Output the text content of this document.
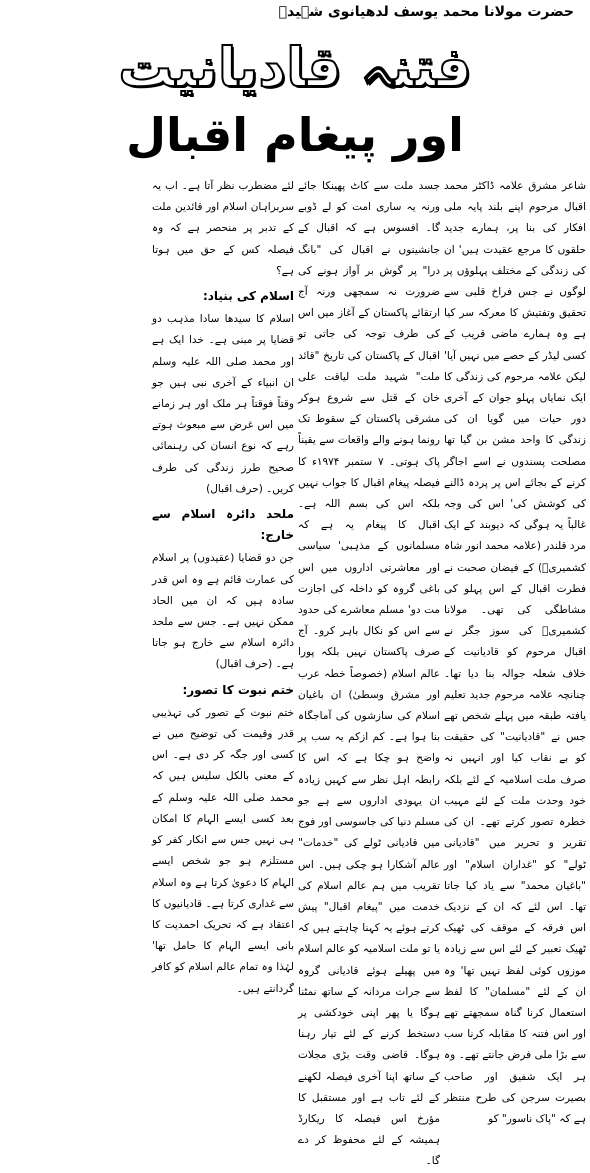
حضرت مولانا محمد یوسف لدھیانوی شہیدؒ
فتنہ قادیانیت
اور پیغام اقبال

شاعر مشرق علامہ ڈاکٹر محمد اقبال مرحوم اپنے بلند پایہ ملی افکار کی بنا پر، ہمارے جدید حلقوں کا مرجع عقیدت ہیں' ان کی زندگی کے مختلف پہلوؤں پر لوگوں نے جس فراخ قلبی سے تحقیق وتفتیش کا معرکہ سر کیا ہے وہ ہمارے ماضی قریب کے کسی لیڈر کے حصے میں نہیں آیا' لیکن علامہ مرحوم کی زندگی کا ایک نمایاں پہلو جوان کے آخری دور حیات میں گویا ان کی زندگی کا واحد مشن بن گیا تھا مصلحت پسندوں نے اسے اجاگر کرنے کے بجائے اس پر پردہ ڈالنے کی کوشش کی' اس کی وجہ غالباً یہ ہوگی کہ دیوبند کے ایک مرد قلندر (علامہ محمد انور شاہ کشمیریؒ) کے فیضان صحبت نے فطرت اقبال کے اس پہلو کی مشاطگی کی تھی۔ مولانا کشمیریؒ کی سوز جگر نے اقبال مرحوم کو قادیانیت کے خلاف شعلہ جوالہ بنا دیا تھا۔ چنانچہ علامہ مرحوم جدید تعلیم یافتہ طبقہ میں پہلے شخص تھے جس نے "قادیانیت" کی حقیقت کو بے نقاب کیا اور انہیں نہ صرف ملت اسلامیہ کے لئے بلکہ خود وحدت ملت کے لئے مہیب خطرہ تصور کرتے تھے۔ ان کی تقریر و تحریر میں "قادیانی ٹولے" کو "غداران اسلام" اور "باغیان محمد" سے یاد کیا جاتا تھا۔ اس لئے کہ ان کے نزدیک اس فرقہ کے موقف کی ٹھیک ٹھیک تعبیر کے لئے اس سے زیادہ موزوں کوئی لفظ نہیں تھا' وہ ان کے لئے "مسلمان" کا لفظ استعمال کرنا گناہ سمجھتے تھے اور اس فتنہ کا مقابلہ کرنا سب سے بڑا ملی فرض جانتے تھے۔ وہ ہر ایک شفیق اور صاحب بصیرت سرجن کی طرح منتظر ہے کہ "پاک ناسور" کو

جسد ملت سے کاٹ پھینکا جائے ورنہ یہ ساری امت کو لے ڈوبے گا۔ افسوس ہے کہ اقبال کے جانشینوں نے اقبال کی "بانگ درا" پر گوش بر آواز ہونے کی ضرورت نہ سمجھی ورنہ آج ارتقائے پاکستان کے آغاز میں اس کی طرف توجہ کی جاتی تو اقبال کے پاکستان کی تاریخ "قائد ملت" شہید ملت لیاقت علی خان کے قتل سے شروع ہوکر مشرقی پاکستان کے سقوط تک رونما ہونے والے واقعات سے یقیناً پاک ہوتی۔ ۷ ستمبر ۱۹۷۴ء کا فیصلہ پیغام اقبال کا جواب نہیں بلکہ اس کی بسم اللہ ہے۔ اقبال کا پیغام یہ ہے کہ مسلمانوں کے مذہبی' سیاسی اور معاشرتی اداروں میں اس باغی گروہ کو داخلہ کی اجازت مت دو' مسلم معاشرے کی حدود سے اس کو نکال باہر کرو۔ آج صرف پاکستان نہیں بلکہ پورا عالم اسلام (خصوصاً خطہ عرب اور مشرق وسطیٰ) ان باغیان اسلام کی سازشوں کی آماجگاہ بنا ہوا ہے۔ کم ازکم یہ سب پر واضح ہو چکا ہے کہ اس کا رابطہ اہل نظر سے کہیں زیادہ ان یہودی اداروں سے ہے جو مسلم دنیا کی جاسوسی اور فوج میں قادیانی ٹولے کی "خدمات" عالم آشکارا ہو چکی ہیں۔ اس تقریب میں ہم عالم اسلام کی خدمت میں "پیغام اقبال" پیش کرتے ہوئے یہ کہنا چاہتے ہیں کہ یا تو ملت اسلامیہ کو عالم اسلام میں پھیلے ہوئے قادیانی گروہ سے جرات مردانہ کے ساتھ نمٹنا ہوگا یا پھر اپنی خودکشی پر دستخط کرنے کے لئے تیار رہنا ہوگا۔ قاضی وقت بڑی مجلات کے ساتھ اپنا آخری فیصلہ لکھنے کے لئے تاب ہے اور مستقبل کا مؤرخ اس فیصلہ کا ریکارڈ ہمیشہ کے لئے محفوظ کر دے گا۔

لئے مضطرب نظر آتا ہے۔ اب یہ سربراہان اسلام اور قائدین ملت کے تدبر پر منحصر ہے کہ وہ فیصلہ کس کے حق میں ہوتا ہے؟

اسلام کی بنیاد:

اسلام کا سیدھا سادا مذہب دو قضایا پر مبنی ہے۔ خدا ایک ہے اور محمد صلی اللہ علیہ وسلم ان انبیاء کے آخری نبی ہیں جو وقتاً فوقتاً ہر ملک اور ہر زمانے میں اس غرض سے مبعوث ہوتے رہے کہ نوع انسان کی رہنمائی صحیح طرز زندگی کی طرف کریں۔ (حرف اقبال)

ملحد دائرہ اسلام سے خارج:

جن دو قضایا (عقیدوں) پر اسلام کی عمارت قائم ہے وہ اس قدر سادہ ہیں کہ ان میں الحاد ممکن نہیں ہے۔ جس سے ملحد دائرہ اسلام سے خارج ہو جاتا ہے۔ (حرف اقبال)

ختم نبوت کا تصور:

ختم نبوت کے تصور کی تہذیبی قدر وقیمت کی توضیح میں نے کسی اور جگہ کر دی ہے۔ اس کے معنی بالکل سلیس ہیں کہ محمد صلی اللہ علیہ وسلم کے بعد کسی ایسے الہام کا امکان ہی نہیں جس سے انکار کفر کو مستلزم ہو جو شخص ایسے الہام کا دعویٰ کرتا ہے وہ اسلام سے غداری کرتا ہے۔ قادیانیوں کا اعتقاد ہے کہ تحریک احمدیت کا بانی ایسے الہام کا حامل تھا' لہٰذا وہ تمام عالم اسلام کو کافر گردانتے ہیں۔
